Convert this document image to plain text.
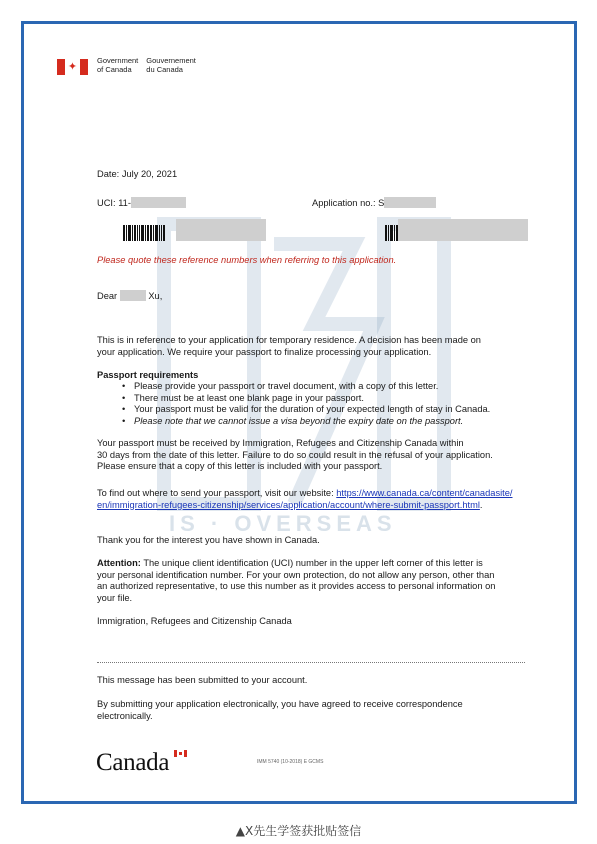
✦	Government
of Canada
Gouvernement
du Canada
IS · OVERSEAS
Date: July 20, 2021
UCI: 11-	Application no.: S
Please quote these reference numbers when referring to this application.
Dear	Xu,
This is in reference to your application for temporary residence. A decision has been made on
your application. We require your passport to finalize processing your application.
Passport requirements
• Please provide your passport or travel document, with a copy of this letter.
• There must be at least one blank page in your passport.
• Your passport must be valid for the duration of your expected length of stay in Canada.
• Please note that we cannot issue a visa beyond the expiry date on the passport.
Your passport must be received by Immigration, Refugees and Citizenship Canada within
30 days from the date of this letter. Failure to do so could result in the refusal of your application.
Please ensure that a copy of this letter is included with your passport.
To find out where to send your passport, visit our website: https://www.canada.ca/content/canadasite/
en/immigration-refugees-citizenship/services/application/account/where-submit-passport.html.
Thank you for the interest you have shown in Canada.
Attention: The unique client identification (UCI) number in the upper left corner of this letter is
your personal identification number. For your own protection, do not allow any person, other than
an authorized representative, to use this number as it provides access to personal information on
your file.
Immigration, Refugees and Citizenship Canada
This message has been submitted to your account.
By submitting your application electronically, you have agreed to receive correspondence
electronically.
Canada	IMM 5740 (10-2018) E GCMS
▲X先生学签获批贴签信
